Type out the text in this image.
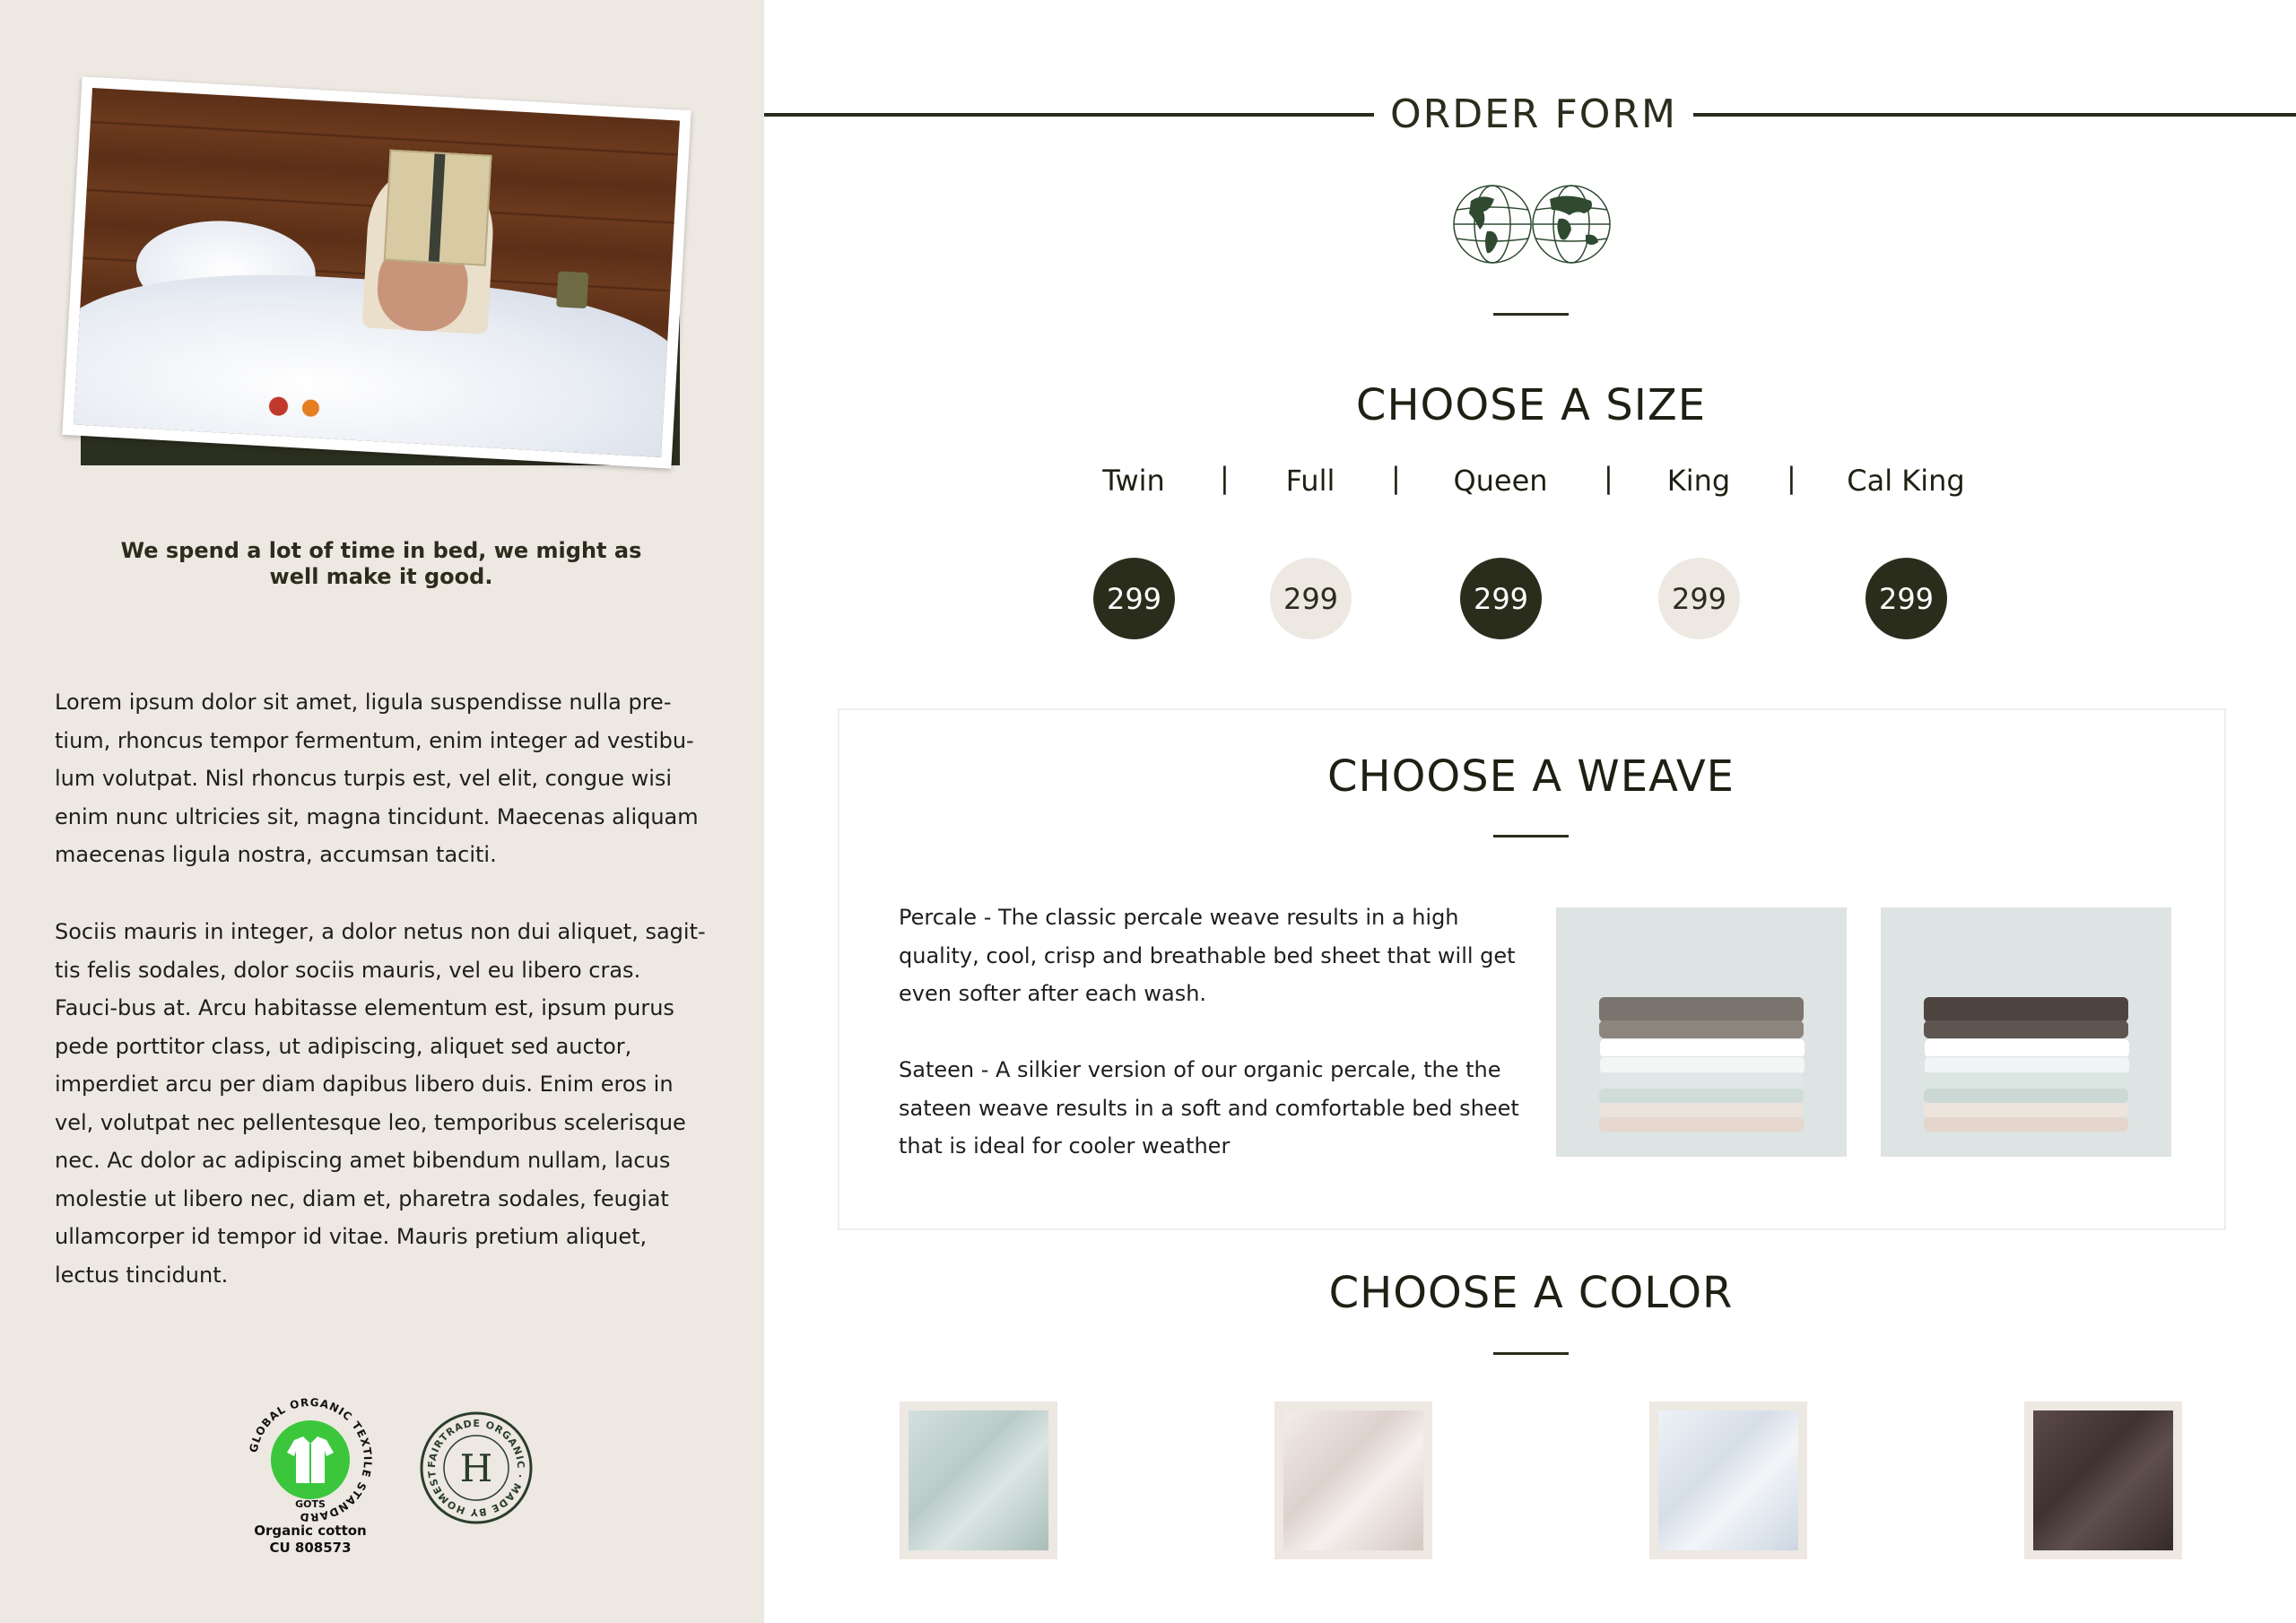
We spend a lot of time in bed, we might as well make it good.

Lorem ipsum dolor sit amet, ligula suspendisse nulla pre-tium, rhoncus tempor fermentum, enim integer ad vestibu-lum volutpat. Nisl rhoncus turpis est, vel elit, congue wisi enim nunc ultricies sit, magna tincidunt. Maecenas aliquam maecenas ligula nostra, accumsan taciti.

Sociis mauris in integer, a dolor netus non dui aliquet, sagit-tis felis sodales, dolor sociis mauris, vel eu libero cras. Fauci-bus at. Arcu habitasse elementum est, ipsum purus pede porttitor class, ut adipiscing, aliquet sed auctor, imperdiet arcu per diam dapibus libero duis. Enim eros in vel, volutpat nec pellentesque leo, temporibus scelerisque nec. Ac dolor ac adipiscing amet bibendum nullam, lacus molestie ut libero nec, diam et, pharetra sodales, feugiat ullamcorper id tempor id vitae. Mauris pretium aliquet, lectus tincidunt.

GLOBAL ORGANIC TEXTILE STANDARD
GOTS
Organic cotton
CU 808573
FAIRTRADE ORGANIC · MADE BY HOMEST H
ORDER FORM
CHOOSE A SIZE
Twin	|	Full	|	Queen	|	King	|	Cal King
299	299	299	299	299
CHOOSE A WEAVE

Percale - The classic percale weave results in a high quality, cool, crisp and breathable bed sheet that will get even softer after each wash.

Sateen - A silkier version of our organic percale, the the sateen weave results in a soft and comfortable bed sheet that is ideal for cooler weather

CHOOSE A COLOR
